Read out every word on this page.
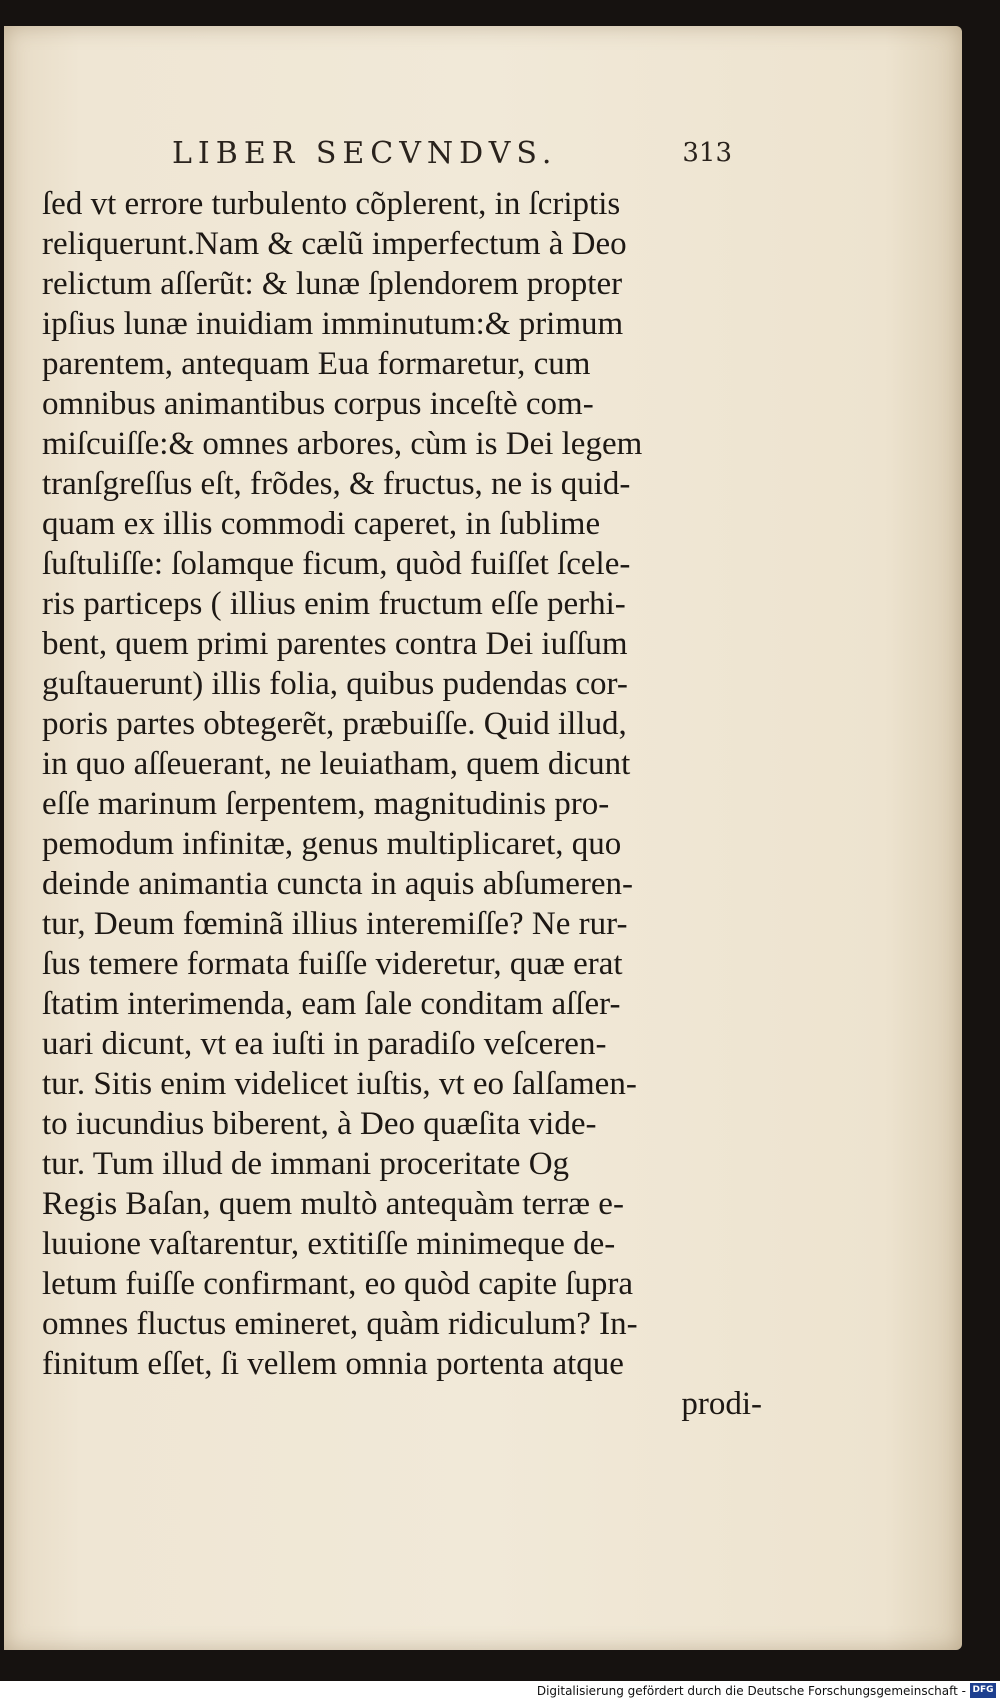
LIBER SECVNDVS.	313
ſed vt errore turbulento cõplerent, in ſcriptis
reliquerunt.Nam & cælũ imperfectum à Deo
relictum aſſerũt: & lunæ ſplendorem propter
ipſius lunæ inuidiam imminutum:& primum
parentem, antequam Eua formaretur, cum
omnibus animantibus corpus inceſtè com-
miſcuiſſe:& omnes arbores, cùm is Dei legem
tranſgreſſus eſt, frõdes, & fructus, ne is quid-
quam ex illis commodi caperet, in ſublime
ſuſtuliſſe: ſolamque ficum, quòd fuiſſet ſcele-
ris particeps ( illius enim fructum eſſe perhi-
bent, quem primi parentes contra Dei iuſſum
guſtauerunt) illis folia, quibus pudendas cor-
poris partes obtegerẽt, præbuiſſe. Quid illud,
in quo aſſeuerant, ne leuiatham, quem dicunt
eſſe marinum ſerpentem, magnitudinis pro-
pemodum infinitæ, genus multiplicaret, quo
deinde animantia cuncta in aquis abſumeren-
tur, Deum fœminã illius interemiſſe? Ne rur-
ſus temere formata fuiſſe videretur, quæ erat
ſtatim interimenda, eam ſale conditam aſſer-
uari dicunt, vt ea iuſti in paradiſo veſceren-
tur. Sitis enim videlicet iuſtis, vt eo ſalſamen-
to iucundius biberent, à Deo quæſita vide-
tur. Tum illud de immani proceritate Og
Regis Baſan, quem multò antequàm terræ e-
luuione vaſtarentur, extitiſſe minimeque de-
letum fuiſſe confirmant, eo quòd capite ſupra
omnes fluctus emineret, quàm ridiculum? In-
finitum eſſet, ſi vellem omnia portenta atque
prodi-
Digitalisierung gefördert durch die Deutsche Forschungsgemeinschaft - DFG
